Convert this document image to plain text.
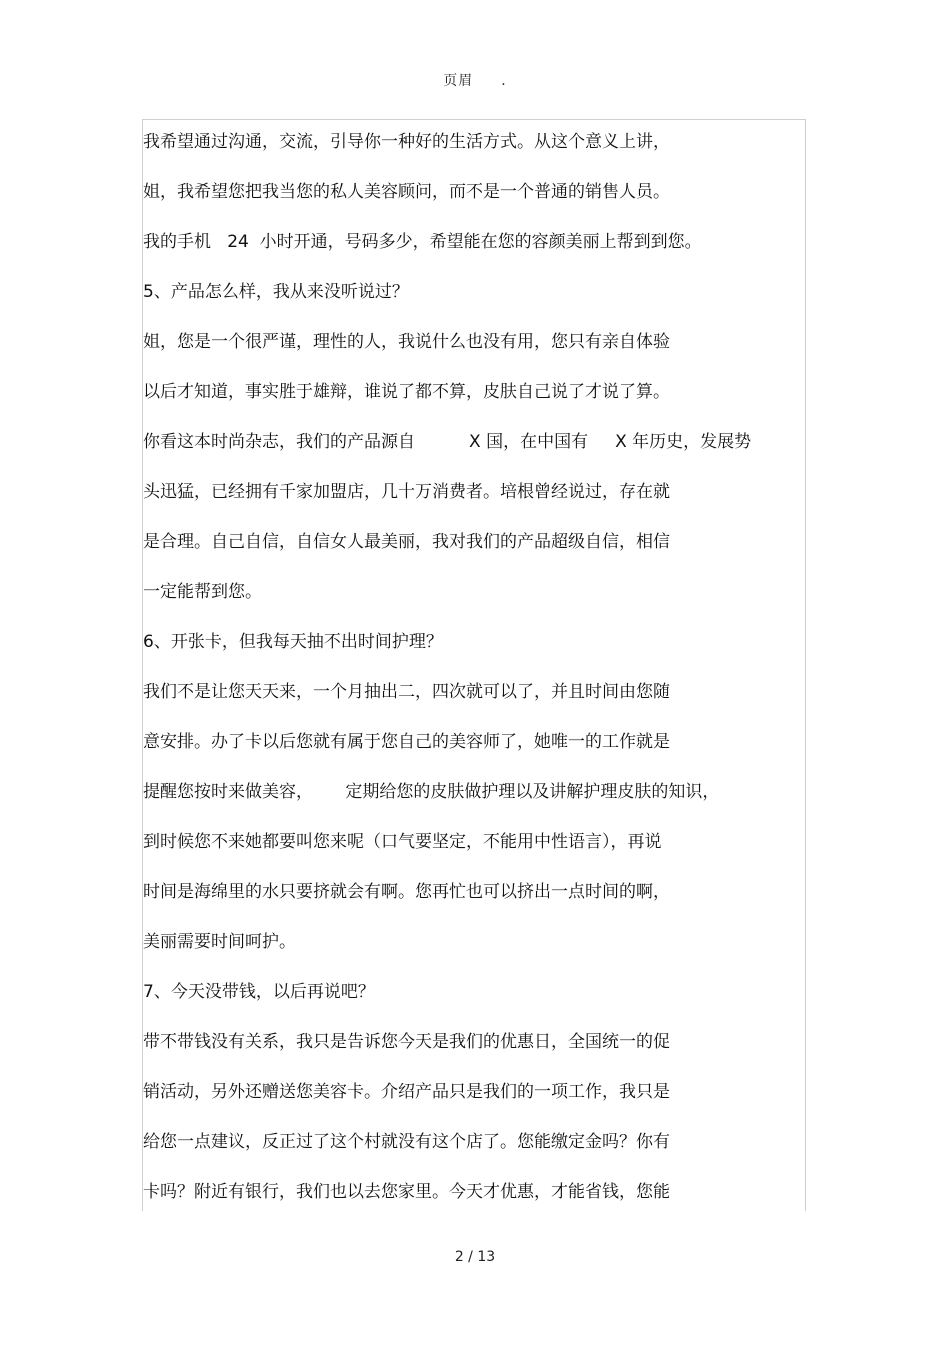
页眉 .
我希望通过沟通，交流，引导你一种好的生活方式。从这个意义上讲，
姐，我希望您把我当您的私人美容顾问，而不是一个普通的销售人员。
我的手机   24  小时开通，号码多少，希望能在您的容颜美丽上帮到到您。
5、产品怎么样，我从来没听说过？
姐，您是一个很严谨，理性的人，我说什么也没有用，您只有亲自体验
以后才知道，事实胜于雄辩，谁说了都不算，皮肤自己说了才说了算。
你看这本时尚杂志，我们的产品源自          X 国，在中国有     X 年历史，发展势
头迅猛，已经拥有千家加盟店，几十万消费者。培根曾经说过，存在就
是合理。自己自信，自信女人最美丽，我对我们的产品超级自信，相信
一定能帮到您。
6、开张卡，但我每天抽不出时间护理？
我们不是让您天天来，一个月抽出二，四次就可以了，并且时间由您随
意安排。办了卡以后您就有属于您自己的美容师了，她唯一的工作就是
提醒您按时来做美容，      定期给您的皮肤做护理以及讲解护理皮肤的知识，
到时候您不来她都要叫您来呢（口气要坚定，不能用中性语言），再说
时间是海绵里的水只要挤就会有啊。您再忙也可以挤出一点时间的啊，
美丽需要时间呵护。
7、今天没带钱，以后再说吧？
带不带钱没有关系，我只是告诉您今天是我们的优惠日，全国统一的促
销活动，另外还赠送您美容卡。介绍产品只是我们的一项工作，我只是
给您一点建议，反正过了这个村就没有这个店了。您能缴定金吗？你有
卡吗？附近有银行，我们也以去您家里。今天才优惠，才能省钱，您能
2 / 13
